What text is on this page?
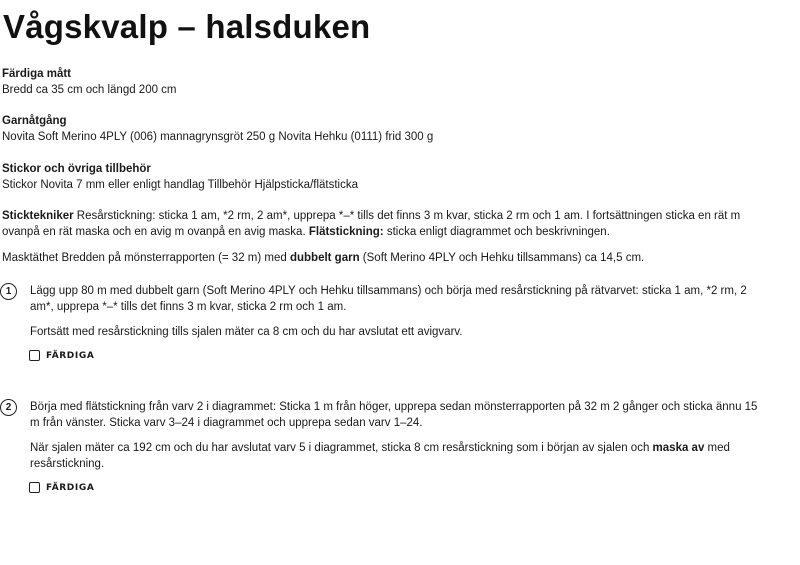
Vågskvalp – halsduken
Färdiga mått
Bredd ca 35 cm och längd 200 cm
Garnåtgång
Novita Soft Merino 4PLY (006) mannagrynsgröt 250 g Novita Hehku (0111) frid 300 g
Stickor och övriga tillbehör
Stickor Novita 7 mm eller enligt handlag Tillbehör Hjälpsticka/flätsticka
Sticktekniker Resårstickning: sticka 1 am, *2 rm, 2 am*, upprepa *–* tills det finns 3 m kvar, sticka 2 rm och 1 am. I fortsättningen sticka en rät m
ovanpå en rät maska och en avig m ovanpå en avig maska. Flätstickning: sticka enligt diagrammet och beskrivningen.
Masktäthet Bredden på mönsterrapporten (= 32 m) med dubbelt garn (Soft Merino 4PLY och Hehku tillsammans) ca 14,5 cm.
1	Lägg upp 80 m med dubbelt garn (Soft Merino 4PLY och Hehku tillsammans) och börja med resårstickning på rätvarvet: sticka 1 am, *2 rm, 2
am*, upprepa *–* tills det finns 3 m kvar, sticka 2 rm och 1 am.
Fortsätt med resårstickning tills sjalen mäter ca 8 cm och du har avslutat ett avigvarv.
FÄRDIGA
2	Börja med flätstickning från varv 2 i diagrammet: Sticka 1 m från höger, upprepa sedan mönsterrapporten på 32 m 2 gånger och sticka ännu 15
m från vänster. Sticka varv 3–24 i diagrammet och upprepa sedan varv 1–24.
När sjalen mäter ca 192 cm och du har avslutat varv 5 i diagrammet, sticka 8 cm resårstickning som i början av sjalen och maska av med
resårstickning.
FÄRDIGA
